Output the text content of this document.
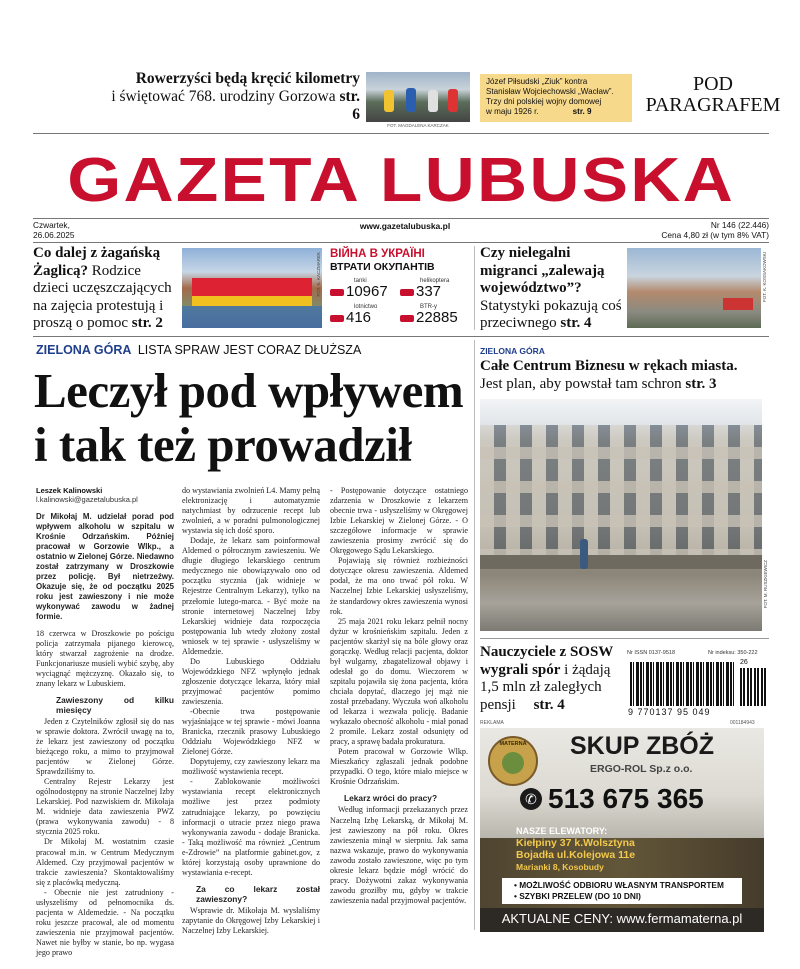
Rowerzyści będą kręcić kilometry
i świętować 768. urodziny Gorzowa str. 6
FOT. MAGDALENA KARCZAK
Józef Piłsudski „Ziuk” kontra
Stanisław Wojciechowski „Wacław”.
Trzy dni polskiej wojny domowej
w maju 1926 r.	str. 9
POD
PARAGRAFEM
GAZETA LUBUSKA
Czwartek,
26.06.2025
www.gazetalubuska.pl	Nr 146 (22.446)
Cena 4,80 zł (w tym 8% VAT)
Co dalej z żagańską Żaglicą? Rodzice dzieci uczęszczających na zajęcia protestują i proszą o pomoc str. 2
FOT. K. KACZMAREK ВІЙНА В УКРАЇНІ
ВТРАТИ ОКУПАНТІВ
tanki
10967
helikoptera
337
lotnictwo
416
BTR-y
22885
Czy nielegalni migranci „zalewają województwo”? Statystyki pokazują coś przeciwnego str. 4
FOT. K. KOSSAKOWSKI
ZIELONA GÓRA LISTA SPRAW JEST CORAZ DŁUŻSZA
Leczył pod wpływem
i tak też prowadził
Leszek Kalinowski
l.kalinowski@gazetalubuska.pl

Dr Mikołaj M. udzielał porad pod wpływem alkoholu w szpitalu w Krośnie Odrzańskim. Później pracował w Gorzowie Wlkp., a ostatnio w Zielonej Górze. Niedawno został zatrzymany w Droszkowie przez policję. Był nietrzeźwy. Okazuje się, że od początku 2025 roku jest zawieszony i nie może wykonywać zawodu w żadnej formie.

18 czerwca w Droszkowie po pościgu policja zatrzymała pijanego kierowcę, który stwarzał zagrożenie na drodze. Funkcjonariusze musieli wybić szybę, aby wyciągnąć mężczyznę. Okazało się, to znany lekarz w Lubuskiem.

Zawieszony od kilku miesięcy

Jeden z Czytelników zgłosił się do nas w sprawie doktora. Zwrócił uwagę na to, że lekarz jest zawieszony od początku bieżącego roku, a mimo to przyjmował pacjentów w Zielonej Górze. Sprawdziliśmy to.

Centralny Rejestr Lekarzy jest ogólnodostępny na stronie Naczelnej Izby Lekarskiej. Pod nazwiskiem dr. Mikołaja M. widnieje data zawieszenia PWZ (prawa wykonywania zawodu) - 8 stycznia 2025 roku.

Dr Mikołaj M. wostatnim czasie pracował m.in. w Centrum Medycznym Aldemed. Czy przyjmował pacjentów w trakcie zawieszenia? Skontaktowaliśmy się z placówką medyczną.

- Obecnie nie jest zatrudniony - usłyszeliśmy od pełnomocnika ds. pacjenta w Aldemedzie. - Na początku roku jeszcze pracował, ale od momentu zawieszenia nie przyjmował pacjentów. Nawet nie byłby w stanie, bo np. wygasa jego prawo

do wystawiania zwolnień L4. Mamy pełną elektronizację i automatyzmie natychmiast by odrzucenie recept lub zwolnień, a w poradni pulmonologicznej wystawia się ich dość sporo.

Dodaje, że lekarz sam poinformował Aldemed o półrocznym zawieszeniu. We długie długiego lekarskiego centrum medycznego nie obowiązywało ono od początku stycznia (jak widnieje w Rejestrze Centralnym Lekarzy), tylko na przełomie lutego-marca. - Być może na stronie internetowej Naczelnej Izby Lekarskiej widnieje data rozpoczęcia postępowania lub wtedy złożony został wniosek w tej sprawie - usłyszeliśmy w Aldemedzie.

Do Lubuskiego Oddziału Wojewódzkiego NFZ wpłynęło jednak zgłoszenie dotyczące lekarza, który miał przyjmować pacjentów pomimo zawieszenia.

-Obecnie trwa postępowanie wyjaśniające w tej sprawie - mówi Joanna Branicka, rzecznik prasowy Lubuskiego Oddziału Wojewódzkiego NFZ w Zielonej Górze.

Dopytujemy, czy zawieszony lekarz ma możliwość wystawienia recept.

- Zablokowanie możliwości wystawiania recept elektronicznych możliwe jest przez podmioty zatrudniające lekarzy, po powzięciu informacji o utracie przez niego prawa wykonywania zawodu - dodaje Branicka. - Taką możliwość ma również „Centrum e-Zdrowie” na platformie gabinet.gov, z której korzystają osoby uprawnione do wystawiania e-recept.

Za co lekarz został zawieszony?

Wsprawie dr. Mikołaja M. wysłaliśmy zapytanie do Okręgowej Izby Lekarskiej i Naczelnej Izby Lekarskiej.

- Postępowanie dotyczące ostatniego zdarzenia w Droszkowie z lekarzem obecnie trwa - usłyszeliśmy w Okręgowej Izbie Lekarskiej w Zielonej Górze. - O szczegółowe informacje w sprawie zawieszenia prosimy zwrócić się do Okręgowego Sądu Lekarskiego.

Pojawiają się również rozbieżności dotyczące okresu zawieszenia. Aldemed podał, że ma ono trwać pół roku. W Naczelnej Izbie Lekarskiej usłyszeliśmy, że standardowy okres zawieszenia wynosi rok.

25 maja 2021 roku lekarz pełnił nocny dyżur w krośnieńskim szpitalu. Jeden z pacjentów skarżył się na bóle głowy oraz gorączkę. Według relacji pacjenta, doktor był wulgarny, zbagatelizował objawy i odesłał go do domu. Wieczorem w szpitalu pojawiła się żona pacjenta, która chciała dopytać, dlaczego jej mąż nie został przebadany. Wyczuła woń alkoholu od lekarza i wezwała policję. Badanie wykazało obecność alkoholu - miał ponad 2 promile. Lekarz został odsunięty od pracy, a sprawę badała prokuratura.

Potem pracował w Gorzowie Wlkp. Mieszkańcy zgłaszali jednak podobne przypadki. O tego, które miało miejsce w Krośnie Odrzańskim.

Lekarz wróci do pracy?

Według informacji przekazanych przez Naczelną Izbę Lekarską, dr Mikołaj M. jest zawieszony na pół roku. Okres zawieszenia minął w sierpniu. Jak sama nazwa wskazuje, prawo do wykonywania zawodu zostało zawieszone, więc po tym okresie lekarz będzie mógł wrócić do pracy. Dożywotni zakaz wykonywania zawodu groziłby mu, gdyby w trakcie zawieszenia nadal przyjmował pacjentów.

ZIELONA GÓRA
Całe Centrum Biznesu w rękach miasta.
Jest plan, aby powstał tam schron str. 3
FOT. M. RUSZKIEWICZ
Nauczyciele z SOSW wygrali spór i żądają 1,5 mln zł zaległych pensji str. 4
Nr ISSN 0137-9518	Nr indeksu: 350-222
26
9 770137 95 049
REKLAMA	001184943
MATERNA	SKUP ZBÓŻ
ERGO-ROL Sp.z o.o.
✆ 513 675 365
NASZE ELEWATORY:
Kiełpiny 37 k.Wolsztyna
Bojadła ul.Kolejowa 11e
Marianki 8, Kosobudy
• MOŻLIWOŚĆ ODBIORU WŁASNYM TRANSPORTEM
• SZYBKI PRZELEW (DO 10 DNI)
AKTUALNE CENY: www.fermamaterna.pl
